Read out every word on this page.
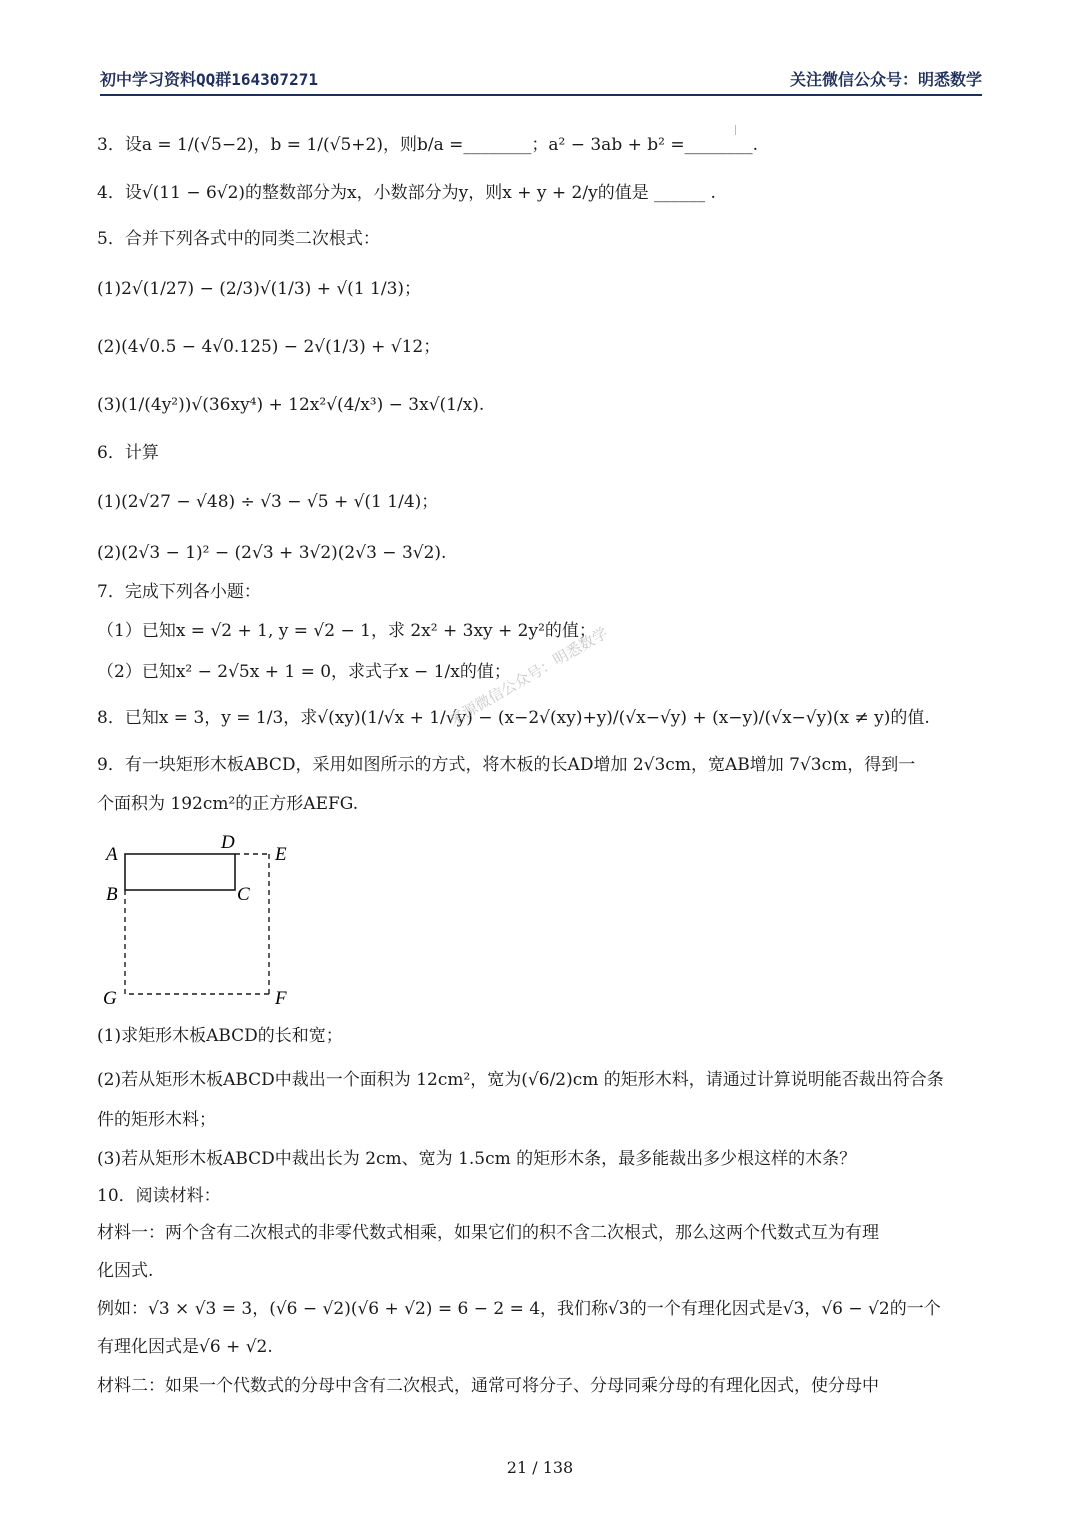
初中学习资料QQ群164307271	关注微信公众号：明悉数学
3．设a = 1/(√5−2)，b = 1/(√5+2)，则b/a =________；a² − 3ab + b² =________.
4．设√(11 − 6√2)的整数部分为x，小数部分为y，则x + y + 2/y的值是 ______ .
5．合并下列各式中的同类二次根式：
(1)2√(1/27) − (2/3)√(1/3) + √(1 1/3)；
(2)(4√0.5 − 4√0.125) − 2√(1/3) + √12；
(3)(1/(4y²))√(36xy⁴) + 12x²√(4/x³) − 3x√(1/x).
6．计算
(1)(2√27 − √48) ÷ √3 − √5 + √(1 1/4)；
(2)(2√3 − 1)² − (2√3 + 3√2)(2√3 − 3√2).
7．完成下列各小题：
（1）已知x = √2 + 1, y = √2 − 1，求 2x² + 3xy + 2y²的值；
（2）已知x² − 2√5x + 1 = 0，求式子x − 1/x的值；
8．已知x = 3，y = 1/3，求√(xy)(1/√x + 1/√y) − (x−2√(xy)+y)/(√x−√y) + (x−y)/(√x−√y)(x ≠ y)的值.
9．有一块矩形木板ABCD，采用如图所示的方式，将木板的长AD增加 2√3cm，宽AB增加 7√3cm，得到一
个面积为 192cm²的正方形AEFG.
(1)求矩形木板ABCD的长和宽；
(2)若从矩形木板ABCD中裁出一个面积为 12cm²，宽为(√6/2)cm 的矩形木料，请通过计算说明能否裁出符合条
件的矩形木料；
(3)若从矩形木板ABCD中裁出长为 2cm、宽为 1.5cm 的矩形木条，最多能裁出多少根这样的木条？
10．阅读材料：
材料一：两个含有二次根式的非零代数式相乘，如果它们的积不含二次根式，那么这两个代数式互为有理
化因式.
例如：√3 × √3 = 3，(√6 − √2)(√6 + √2) = 6 − 2 = 4，我们称√3的一个有理化因式是√3，√6 − √2的一个
有理化因式是√6 + √2.
材料二：如果一个代数式的分母中含有二次根式，通常可将分子、分母同乘分母的有理化因式，使分母中
来源微信公众号：明悉数学
A
B	C
D
E
F
G
21 / 138
